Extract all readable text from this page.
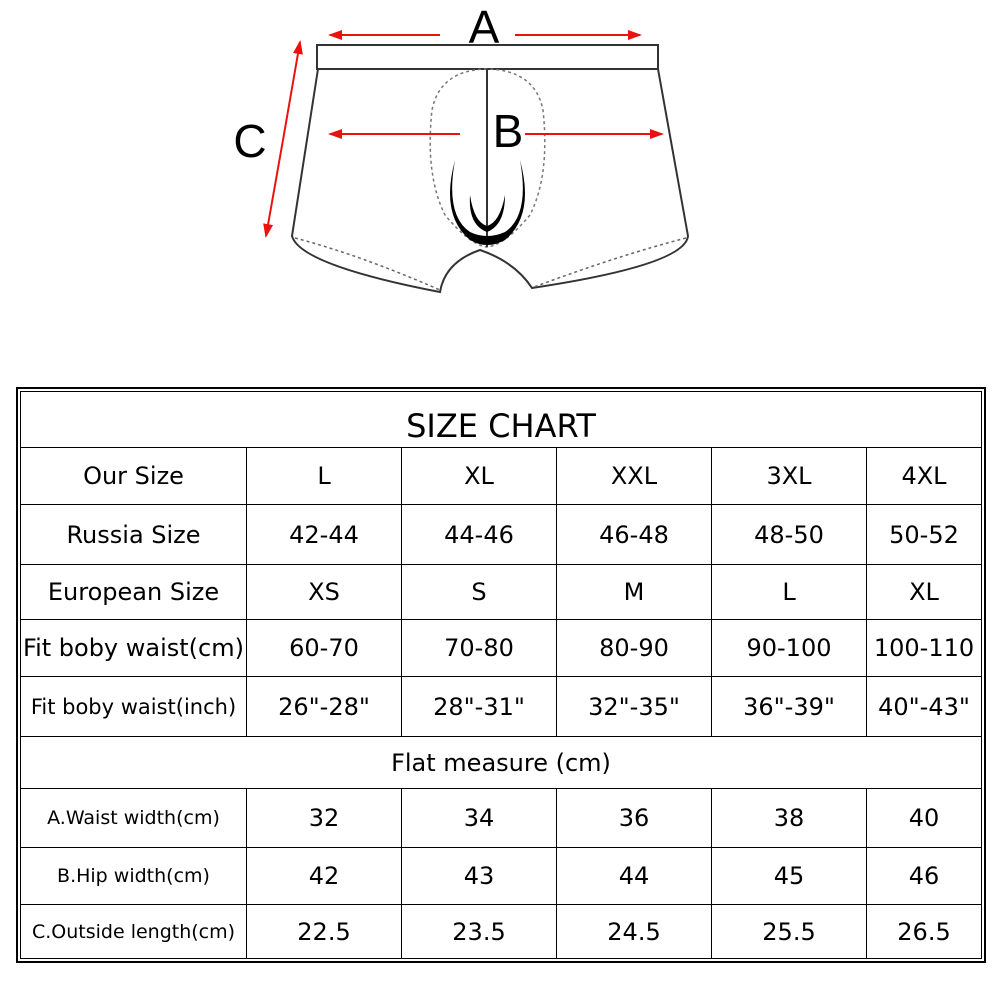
A
B
C
SIZE CHART
Our Size	L	XL	XXL	3XL	4XL
Russia Size	42-44	44-46	46-48	48-50	50-52
European Size	XS	S	M	L	XL
Fit boby waist(cm)	60-70	70-80	80-90	90-100	100-110
Fit boby waist(inch)	26"-28"	28"-31"	32"-35"	36"-39"	40"-43"
Flat measure (cm)
A.Waist width(cm)	32	34	36	38	40
B.Hip width(cm)	42	43	44	45	46
C.Outside length(cm)	22.5	23.5	24.5	25.5	26.5
